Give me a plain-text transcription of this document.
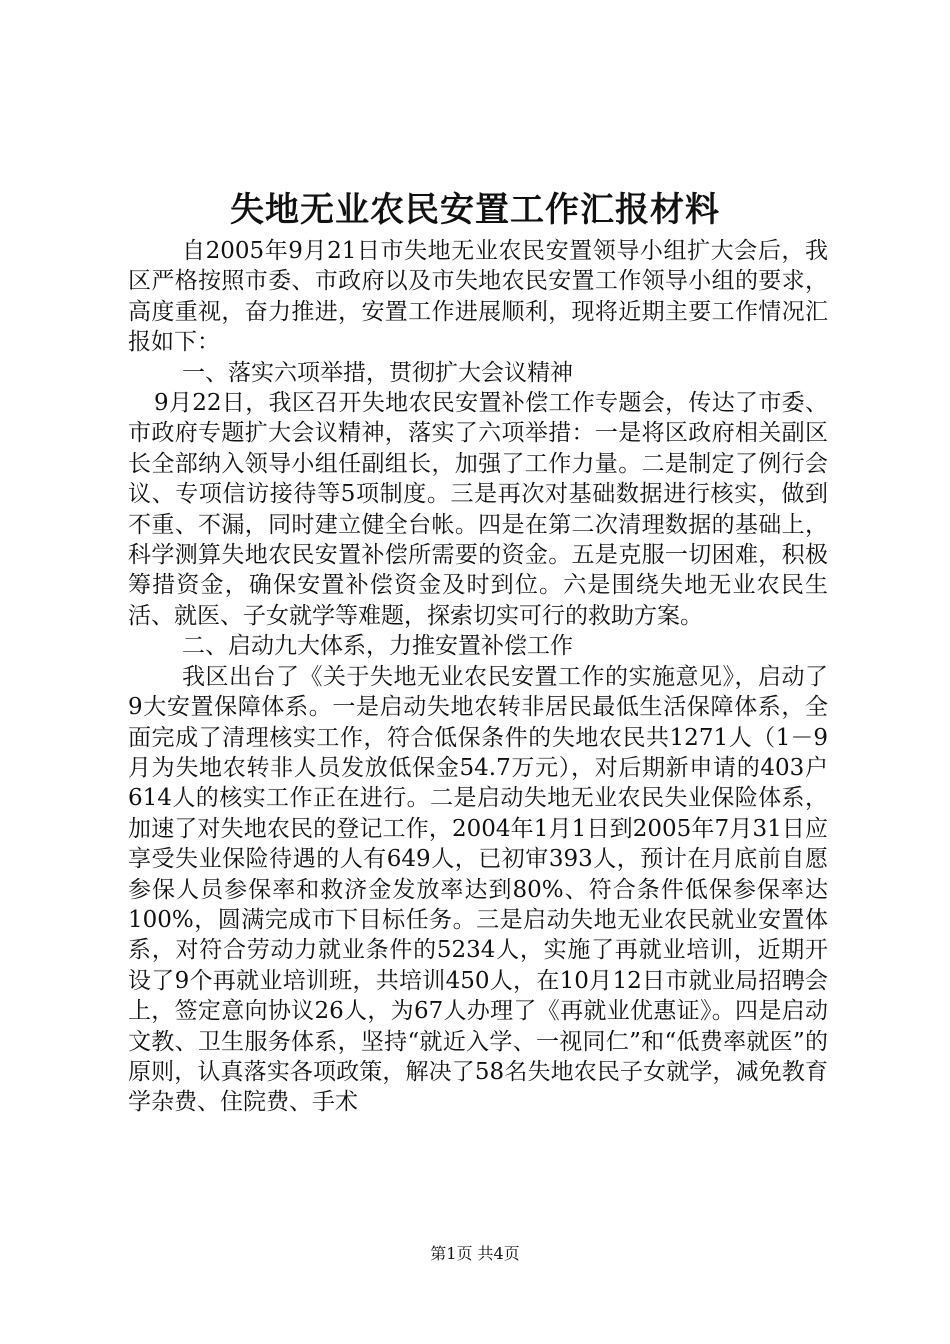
失地无业农民安置工作汇报材料

自2005年9月21日市失地无业农民安置领导小组扩大会后，我区严格按照市委、市政府以及市失地农民安置工作领导小组的要求，高度重视，奋力推进，安置工作进展顺利，现将近期主要工作情况汇报如下：

一、落实六项举措，贯彻扩大会议精神

9月22日，我区召开失地农民安置补偿工作专题会，传达了市委、市政府专题扩大会议精神，落实了六项举措：一是将区政府相关副区长全部纳入领导小组任副组长，加强了工作力量。二是制定了例行会议、专项信访接待等5项制度。三是再次对基础数据进行核实，做到不重、不漏，同时建立健全台帐。四是在第二次清理数据的基础上，科学测算失地农民安置补偿所需要的资金。五是克服一切困难，积极筹措资金，确保安置补偿资金及时到位。六是围绕失地无业农民生活、就医、子女就学等难题，探索切实可行的救助方案。

二、启动九大体系，力推安置补偿工作

我区出台了《关于失地无业农民安置工作的实施意见》，启动了9大安置保障体系。一是启动失地农转非居民最低生活保障体系，全面完成了清理核实工作，符合低保条件的失地农民共1271人（1－9月为失地农转非人员发放低保金54.7万元），对后期新申请的403户614人的核实工作正在进行。二是启动失地无业农民失业保险体系，加速了对失地农民的登记工作，2004年1月1日到2005年7月31日应享受失业保险待遇的人有649人，已初审393人，预计在月底前自愿参保人员参保率和救济金发放率达到80%、符合条件低保参保率达100%，圆满完成市下目标任务。三是启动失地无业农民就业安置体系，对符合劳动力就业条件的5234人，实施了再就业培训，近期开设了9个再就业培训班，共培训450人，在10月12日市就业局招聘会上，签定意向协议26人，为67人办理了《再就业优惠证》。四是启动文教、卫生服务体系，坚持“就近入学、一视同仁”和“低费率就医”的原则，认真落实各项政策，解决了58名失地农民子女就学，减免教育学杂费、住院费、手术

第1页 共4页
